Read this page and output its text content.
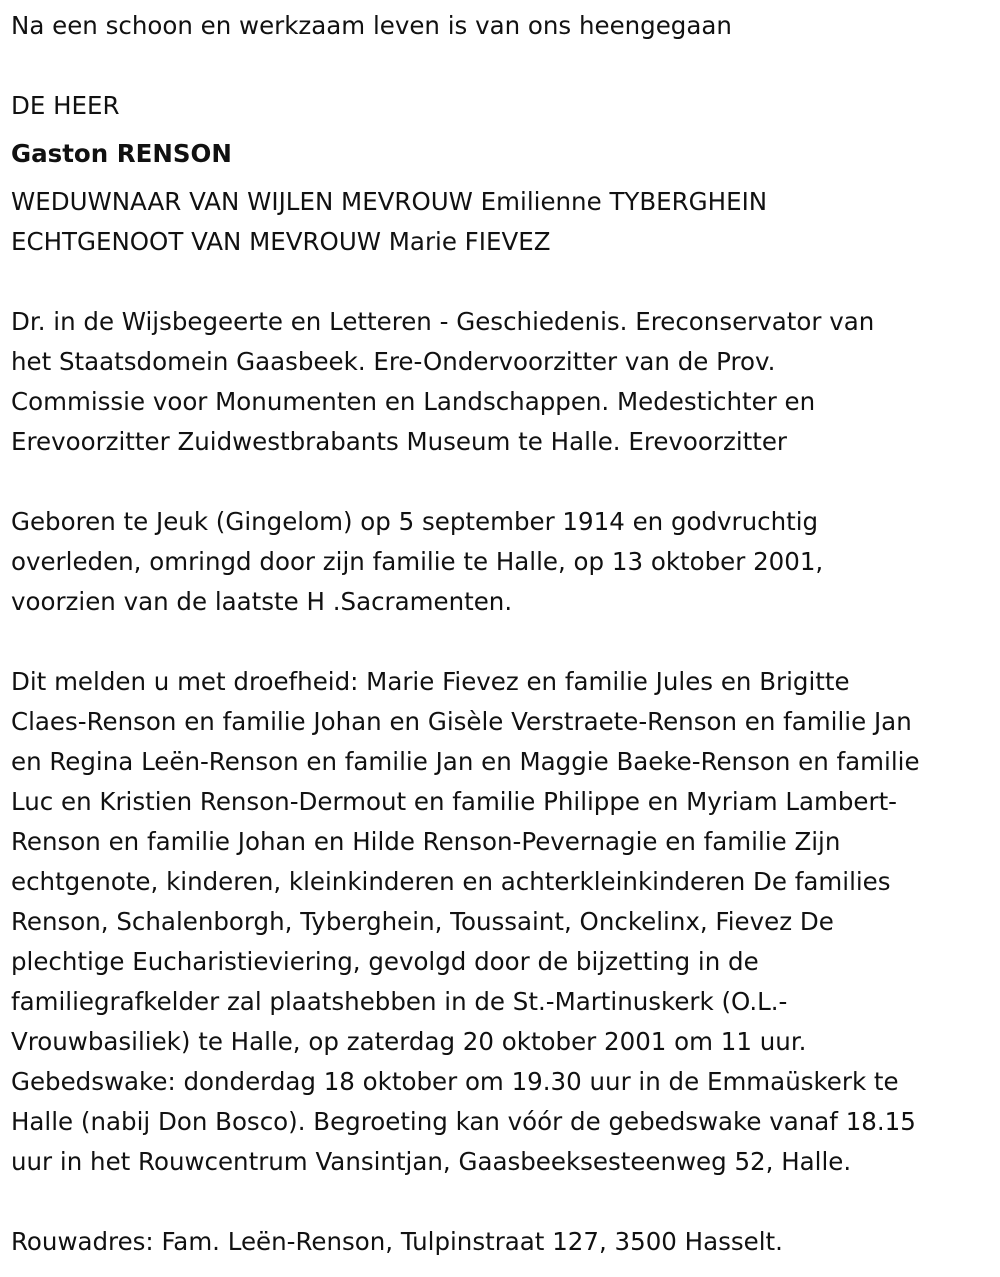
Na een schoon en werkzaam leven is van ons heengegaan

DE HEER

Gaston RENSON

WEDUWNAAR VAN WIJLEN MEVROUW Emilienne TYBERGHEIN

ECHTGENOOT VAN MEVROUW Marie FIEVEZ

Dr. in de Wijsbegeerte en Letteren - Geschiedenis. Ereconservator van

het Staatsdomein Gaasbeek. Ere-Ondervoorzitter van de Prov.

Commissie voor Monumenten en Landschappen. Medestichter en

Erevoorzitter Zuidwestbrabants Museum te Halle. Erevoorzitter

Geboren te Jeuk (Gingelom) op 5 september 1914 en godvruchtig

overleden, omringd door zijn familie te Halle, op 13 oktober 2001,

voorzien van de laatste H .Sacramenten.

Dit melden u met droefheid: Marie Fievez en familie Jules en Brigitte

Claes-Renson en familie Johan en Gisèle Verstraete-Renson en familie Jan

en Regina Leën-Renson en familie Jan en Maggie Baeke-Renson en familie

Luc en Kristien Renson-Dermout en familie Philippe en Myriam Lambert-

Renson en familie Johan en Hilde Renson-Pevernagie en familie Zijn

echtgenote, kinderen, kleinkinderen en achterkleinkinderen De families

Renson, Schalenborgh, Tyberghein, Toussaint, Onckelinx, Fievez De

plechtige Eucharistieviering, gevolgd door de bijzetting in de

familiegrafkelder zal plaatshebben in de St.-Martinuskerk (O.L.-

Vrouwbasiliek) te Halle, op zaterdag 20 oktober 2001 om 11 uur.

Gebedswake: donderdag 18 oktober om 19.30 uur in de Emmaüskerk te

Halle (nabij Don Bosco). Begroeting kan vóór de gebedswake vanaf 18.15

uur in het Rouwcentrum Vansintjan, Gaasbeeksesteenweg 52, Halle.

Rouwadres: Fam. Leën-Renson, Tulpinstraat 127, 3500 Hasselt.
